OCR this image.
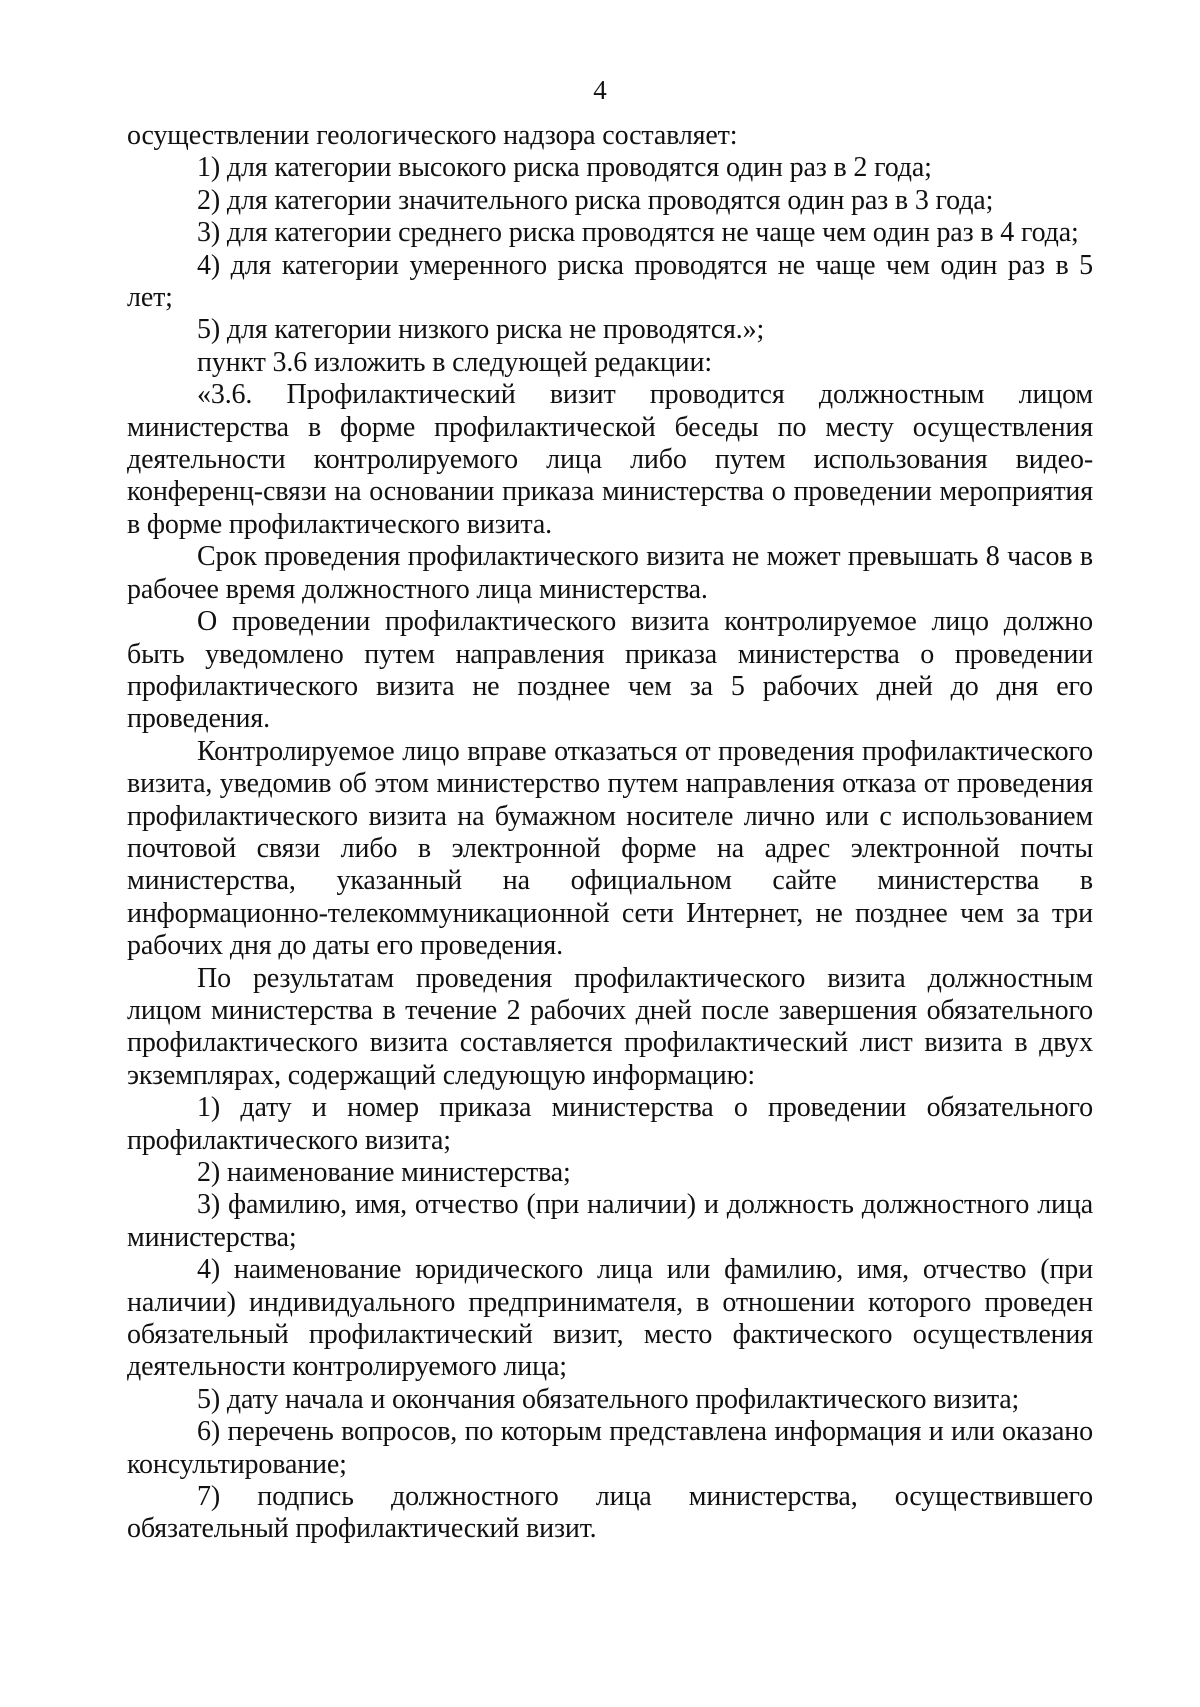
4

осуществлении геологического надзора составляет:

1) для категории высокого риска проводятся один раз в 2 года;

2) для категории значительного риска проводятся один раз в 3 года;

3) для категории среднего риска проводятся не чаще чем один раз в 4 года;

4) для категории умеренного риска проводятся не чаще чем один раз в 5 лет;

5) для категории низкого риска не проводятся.»;

пункт 3.6 изложить в следующей редакции:

«3.6. Профилактический визит проводится должностным лицом министерства в форме профилактической беседы по месту осуществления деятельности контролируемого лица либо путем использования видео-конференц-связи на основании приказа министерства о проведении мероприятия в форме профилактического визита.

Срок проведения профилактического визита не может превышать 8 часов в рабочее время должностного лица министерства.

О проведении профилактического визита контролируемое лицо должно быть уведомлено путем направления приказа министерства о проведении профилактического визита не позднее чем за 5 рабочих дней до дня его проведения.

Контролируемое лицо вправе отказаться от проведения профилактического визита, уведомив об этом министерство путем направления отказа от проведения профилактического визита на бумажном носителе лично или с использованием почтовой связи либо в электронной форме на адрес электронной почты министерства, указанный на официальном сайте министерства в информационно-телекоммуникационной сети Интернет, не позднее чем за три рабочих дня до даты его проведения.

По результатам проведения профилактического визита должностным лицом министерства в течение 2 рабочих дней после завершения обязательного профилактического визита составляется профилактический лист визита в двух экземплярах, содержащий следующую информацию:

1) дату и номер приказа министерства о проведении обязательного профилактического визита;

2) наименование министерства;

3) фамилию, имя, отчество (при наличии) и должность должностного лица министерства;

4) наименование юридического лица или фамилию, имя, отчество (при наличии) индивидуального предпринимателя, в отношении которого проведен обязательный профилактический визит, место фактического осуществления деятельности контролируемого лица;

5) дату начала и окончания обязательного профилактического визита;

6) перечень вопросов, по которым представлена информация и или оказано консультирование;

7) подпись должностного лица министерства, осуществившего обязательный профилактический визит.
